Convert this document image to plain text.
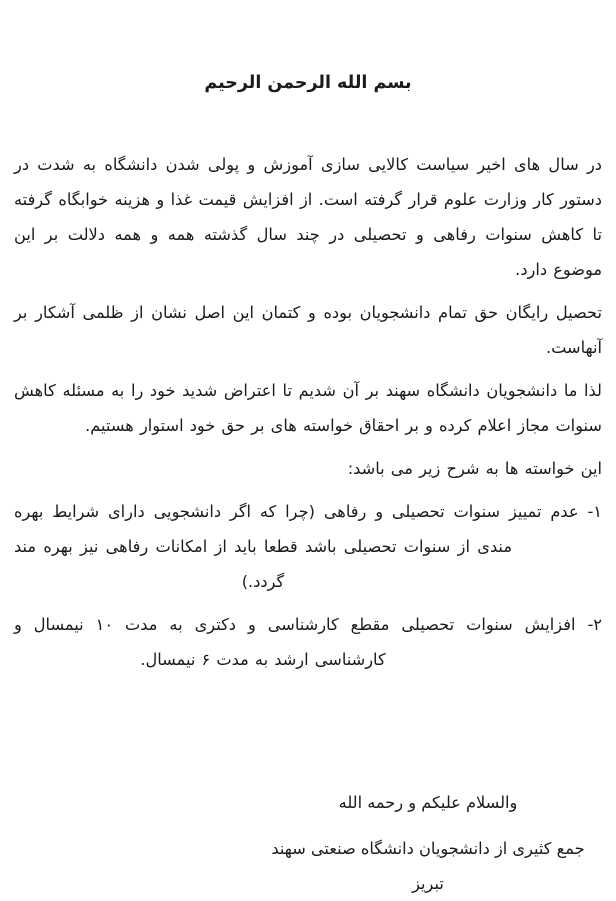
بسم الله الرحمن الرحیم

در سال های اخیر سیاست کالایی سازی آموزش و پولی شدن دانشگاه به شدت در دستور کار وزارت علوم قرار گرفته است. از افزایش قیمت غذا و هزینه خوابگاه گرفته تا کاهش سنوات رفاهی و تحصیلی در چند سال گذشته همه و همه دلالت بر این موضوع دارد.

تحصیل رایگان حق تمام دانشجویان بوده و کتمان این اصل نشان از ظلمی آشکار بر آنهاست.

لذا ما دانشجویان دانشگاه سهند بر آن شدیم تا اعتراض شدید خود را به مسئله کاهش سنوات مجاز اعلام کرده و بر احقاق خواسته های بر حق خود استوار هستیم.

این خواسته ها به شرح زیر می باشد:

۱- عدم تمییز سنوات تحصیلی و رفاهی (چرا که اگر دانشجویی دارای شرایط بهره مندی از سنوات تحصیلی باشد قطعا باید از امکانات رفاهی نیز بهره مند گردد.)
۲- افزایش سنوات تحصیلی مقطع کارشناسی و دکتری به مدت ۱۰ نیمسال و کارشناسی ارشد به مدت ۶ نیمسال.

والسلام علیکم و رحمه الله

جمع کثیری از دانشجویان دانشگاه صنعتی سهند تبریز
